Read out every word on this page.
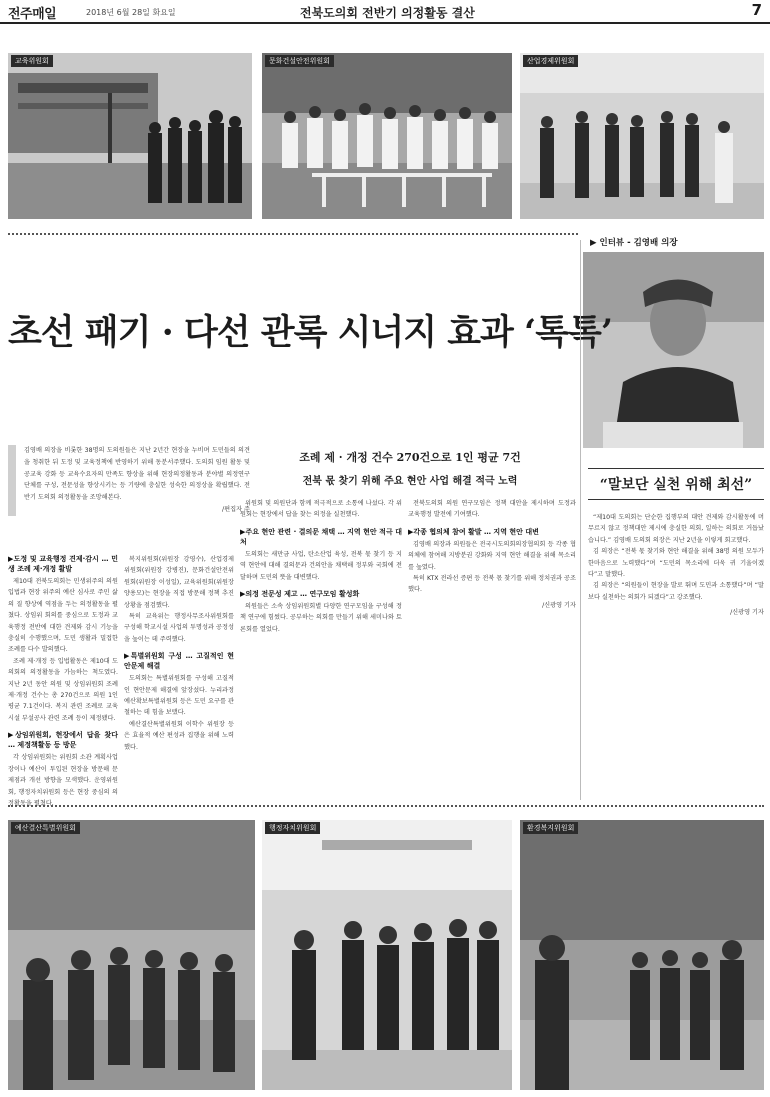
전주매일	2018년 6월 28일 화요일	전북도의회 전반기 의정활동 결산	7
교육위원회	문화건설안전위원회	산업경제위원회
▶ 인터뷰 - 김영배 의장
초선 패기 · 다선 관록 시너지 효과 ‘톡톡’
김영배 의장을 비롯한 38명의 도의원들은 지난 2년간 현장을 누비며 도민들의 의견을 청취한 뒤 도정 및 교육정책에 반영하기 위해 동분서주했다. 도의회 임원 활동 및 공교육 강화 등 교육수요자의 만족도 향상을 위해 현장의정활동과 분야별 의정연구단체를 구성, 전문성을 향상시키는 등 기량에 충실한 성숙한 의정상을 확립했다. 전반기 도의회 의정활동을 조망해본다.
/편집자 주
조례 제 · 개정 건수 270건으로 1인 평균 7건
전북 몫 찾기 위해 주요 현안 사업 해결 적극 노력	“말보단 실천 위해 최선”
▶도정 및 교육행정 견제·감시 … 민생 조례 제·개정 활발

제10대 전북도의회는 민생위주의 의원입법과 현장 위주의 예산 심사로 주민 삶의 질 향상에 역점을 두는 의정활동을 펼쳤다. 상임위 회의를 중심으로 도정과 교육행정 전반에 대한 견제와 감시 기능을 충실히 수행했으며, 도민 생활과 밀접한 조례를 다수 발의했다.

조례 제·개정 등 입법활동은 제10대 도의회의 의정활동을 가늠하는 척도였다. 지난 2년 동안 의원 및 상임위원회 조례 제·개정 건수는 총 270건으로 의원 1인 평균 7.1건이다. 복지 관련 조례로 교육시설 부설공사 관련 조례 등이 제정됐다.

▶상임위원회, 현장에서 답을 찾다 … 제정책활동 등 방문

각 상임위원회는 위원회 소관 계획사업장이나 예산이 투입된 현장을 방문해 문제점과 개선 방향을 모색했다. 운영위원회, 행정자치위원회 등은 현장 중심의 의정활동을 펼쳤다.

복지위원회(위원장 강영수), 산업경제위원회(위원장 강병진), 문화건설안전위원회(위원장 이성일), 교육위원회(위원장 양용모)는 현장을 직접 방문해 정책 추진 상황을 점검했다.

특히 교육위는 행정사무조사위원회를 구성해 학교시설 사업의 투명성과 공정성을 높이는 데 주력했다.

▶특별위원회 구성 … 고질적인 현안문제 해결

도의회는 특별위원회를 구성해 고질적인 현안문제 해결에 앞장섰다. 누리과정 예산확보특별위원회 등은 도민 요구를 관철하는 데 힘을 보탰다.

예산결산특별위원회 이학수 위원장 등은 효율적 예산 편성과 집행을 위해 노력했다.

위원회 및 의원단과 함께 적극적으로 소통에 나섰다. 각 위원회는 현장에서 답을 찾는 의정을 실천했다.

▶주요 현안 관련 · 결의문 채택 … 지역 현안 적극 대처

도의회는 새만금 사업, 탄소산업 육성, 전북 몫 찾기 등 지역 현안에 대해 결의문과 건의안을 채택해 정부와 국회에 전달하며 도민의 뜻을 대변했다.

▶의정 전문성 제고 … 연구모임 활성화

의원들은 소속 상임위원회별 다양한 연구모임을 구성해 정책 연구에 힘썼다. 공부하는 의회를 만들기 위해 세미나와 토론회를 열었다.

전북도의회 의원 연구모임은 정책 대안을 제시하며 도정과 교육행정 발전에 기여했다.

▶각종 협의체 참여 활발 … 지역 현안 대변

김영배 의장과 의원들은 전국시도의회의장협의회 등 각종 협의체에 참여해 지방분권 강화와 지역 현안 해결을 위해 목소리를 높였다.

특히 KTX 전라선 증편 등 전북 몫 찾기를 위해 정치권과 공조했다.

/신광영 기자

“제10대 도의회는 단순한 집행부의 대안 견제와 감시활동에 머무르지 않고 정책대안 제시에 충실한 의회, 일하는 의회로 거듭났습니다.” 김영배 도의회 의장은 지난 2년을 이렇게 회고했다.

김 의장은 “전북 몫 찾기와 현안 해결을 위해 38명 의원 모두가 한마음으로 노력했다”며 “도민의 목소리에 더욱 귀 기울이겠다”고 말했다.

김 의장은 “의원들이 현장을 발로 뛰며 도민과 소통했다”며 “말보다 실천하는 의회가 되겠다”고 강조했다.

/신광영 기자
예산결산특별위원회	행정자치위원회	환경복지위원회
